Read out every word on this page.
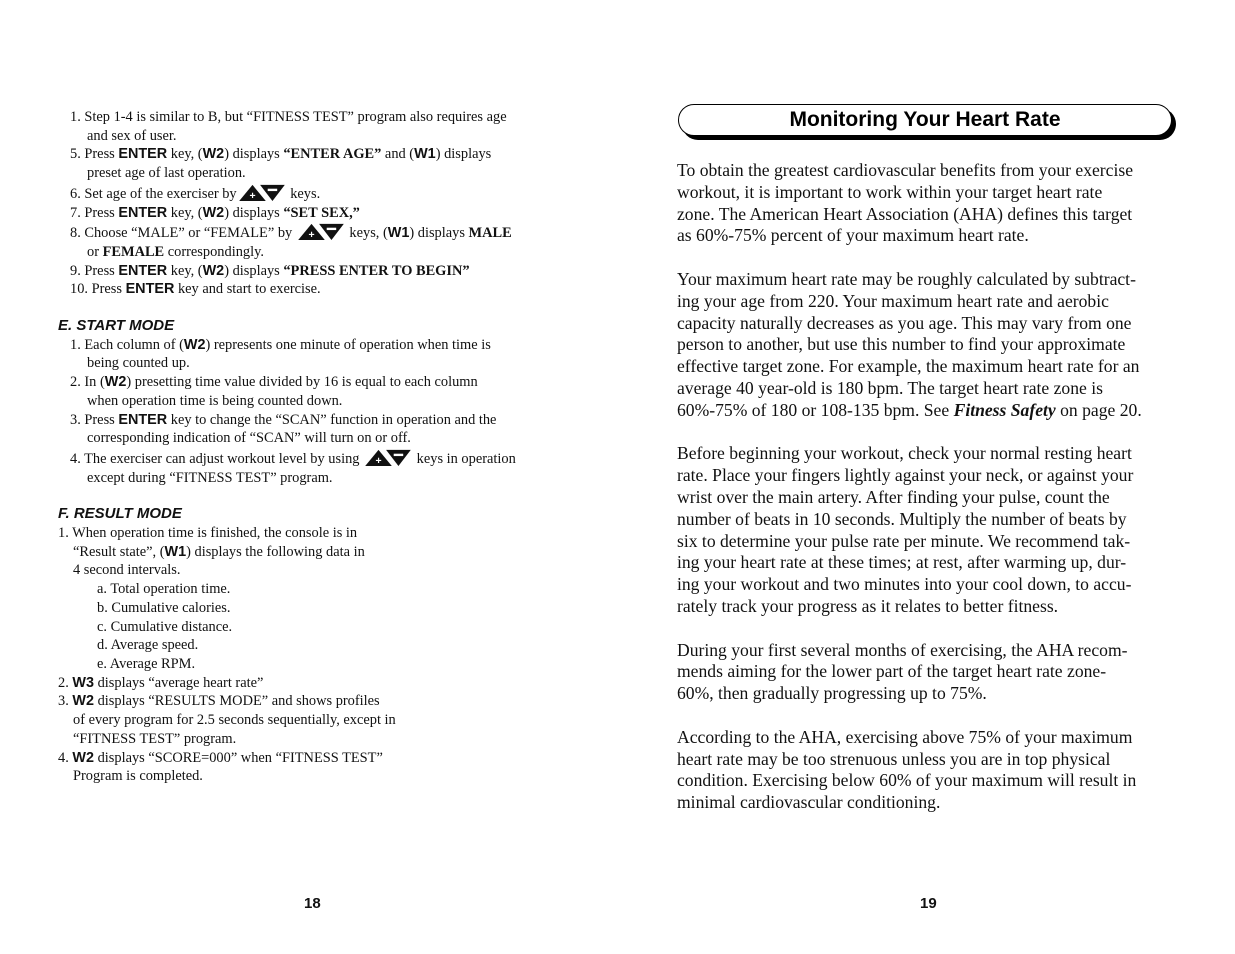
1. Step 1-4 is similar to B, but “FITNESS TEST” program also requires age
and sex of user.
5. Press ENTER key, (W2) displays “ENTER AGE” and (W1) displays
preset age of last operation.
6. Set age of the exerciser by + keys.
7. Press ENTER key, (W2) displays “SET SEX,”
8. Choose “MALE” or “FEMALE” by + keys, (W1) displays MALE
or FEMALE correspondingly.
9. Press ENTER key, (W2) displays “PRESS ENTER TO BEGIN”
10. Press ENTER key and start to exercise.

E. START MODE

1. Each column of (W2) represents one minute of operation when time is
being counted up.
2. In (W2) presetting time value divided by 16 is equal to each column
when operation time is being counted down.
3. Press ENTER key to change the “SCAN” function in operation and the
corresponding indication of “SCAN” will turn on or off.
4. The exerciser can adjust workout level by using + keys in operation
except during “FITNESS TEST” program.

F. RESULT MODE

1. When operation time is finished, the console is in
“Result state”, (W1) displays the following data in
4 second intervals.
a. Total operation time.
b. Cumulative calories.
c. Cumulative distance.
d. Average speed.
e. Average RPM.
2. W3 displays “average heart rate”
3. W2 displays “RESULTS MODE” and shows profiles
of every program for 2.5 seconds sequentially, except in
“FITNESS TEST” program.
4. W2 displays “SCORE=000” when “FITNESS TEST”
Program is completed.
18
Monitoring Your Heart Rate
To obtain the greatest cardiovascular benefits from your exercise
workout, it is important to work within your target heart rate
zone. The American Heart Association (AHA) defines this target
as 60%-75% percent of your maximum heart rate.
Your maximum heart rate may be roughly calculated by subtract-
ing your age from 220. Your maximum heart rate and aerobic
capacity naturally decreases as you age. This may vary from one
person to another, but use this number to find your approximate
effective target zone. For example, the maximum heart rate for an
average 40 year-old is 180 bpm. The target heart rate zone is
60%-75% of 180 or 108-135 bpm. See Fitness Safety on page 20.
Before beginning your workout, check your normal resting heart
rate. Place your fingers lightly against your neck, or against your
wrist over the main artery. After finding your pulse, count the
number of beats in 10 seconds. Multiply the number of beats by
six to determine your pulse rate per minute. We recommend tak-
ing your heart rate at these times; at rest, after warming up, dur-
ing your workout and two minutes into your cool down, to accu-
rately track your progress as it relates to better fitness.
During your first several months of exercising, the AHA recom-
mends aiming for the lower part of the target heart rate zone-
60%, then gradually progressing up to 75%.
According to the AHA, exercising above 75% of your maximum
heart rate may be too strenuous unless you are in top physical
condition. Exercising below 60% of your maximum will result in
minimal cardiovascular conditioning.
19
